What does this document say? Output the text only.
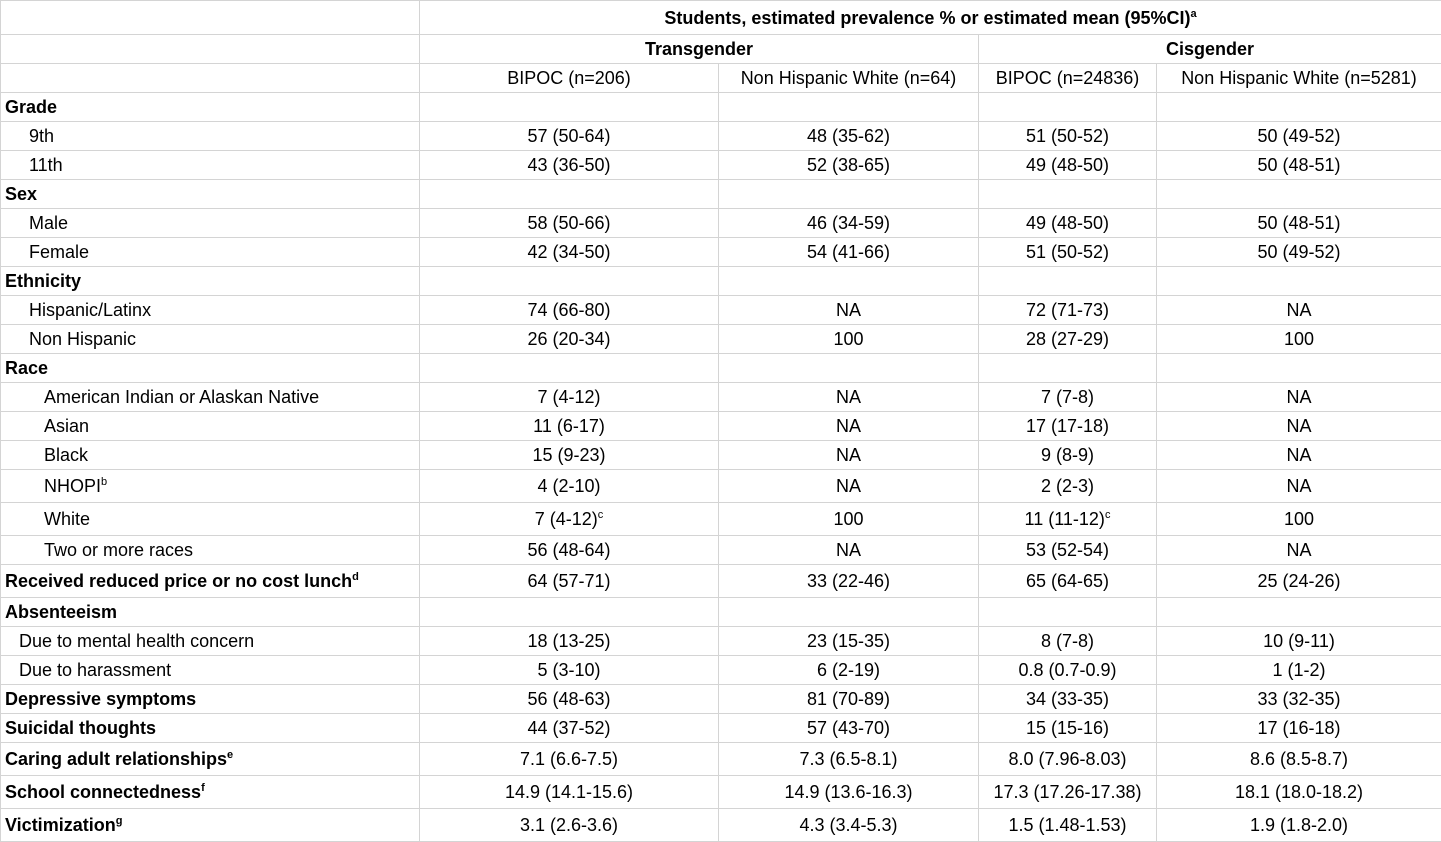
	Students, estimated prevalence % or estimated mean $(95\%CI)^a$
	Transgender		Cisgender	
	BIPOC (n=206)	Non Hispanic White (n=64)	BIPOC (n=24836)	Non Hispanic White (n=5281)
Grade				
9th	57 (50-64)	48 (35-62)	51 (50-52)	50 (49-52)
11th	43 (36-50)	52 (38-65)	49 (48-50)	50 (48-51)
Sex				
Male	58 (50-66)	46 (34-59)	49 (48-50)	50 (48-51)
Female	42 (34-50)	54 (41-66)	51 (50-52)	50 (49-52)
Ethnicity				
Hispanic/Latinx	74 (66-80)	NA	72 (71-73)	NA
Non Hispanic	26 (20-34)	100	28 (27-29)	100
Race				
American Indian or Alaskan Native	7 (4-12)	NA	7 (7-8)	NA
Asian	11 (6-17)	NA	17 (17-18)	NA
Black	15 (9-23)	NA	9 (8-9)	NA
NHOPI$^b$	4 (2-10)	NA	2 (2-3)	NA
White	7 $(4-12)^c$	100	11 $(11-12)^c$	100
Two or more races	56 (48-64)	NA	53 (52-54)	NA
Received reduced price or no cost lunch$^d$	64 (57-71)	33 (22-46)	65 (64-65)	25 (24-26)
Absenteeism				
Due to mental health concern	18 (13-25)	23 (15-35)	8 (7-8)	10 (9-11)
Due to harassment	5 (3-10)	6 (2-19)	0.8 (0.7-0.9)	1 (1-2)
Depressive symptoms	56 (48-63)	81 (70-89)	34 (33-35)	33 (32-35)
Suicidal thoughts	44 (37-52)	57 (43-70)	15 (15-16)	17 (16-18)
Caring adult relationships$^e$	7.1 (6.6-7.5)	7.3 (6.5-8.1)	8.0 (7.96-8.03)	8.6 (8.5-8.7)
School connectedness$^f$	14.9 (14.1-15.6)	14.9 (13.6-16.3)	17.3 (17.26-17.38)	18.1 (18.0-18.2)
Victimization$^g$	3.1 (2.6-3.6)	4.3 (3.4-5.3)	1.5 (1.48-1.53)	1.9 (1.8-2.0)
